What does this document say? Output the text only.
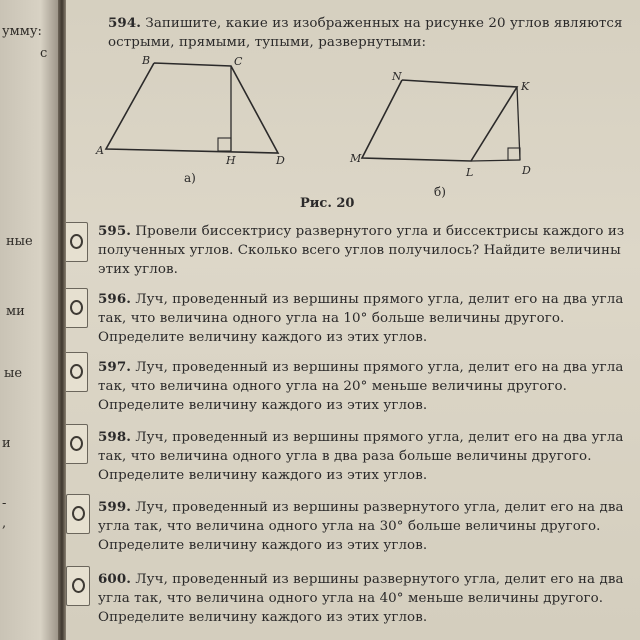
умму:
с
ные
ми
ые
и
-
,
594. Запишите, какие из изображенных на рисунке 20 углов являются острыми, прямыми, тупыми, развернутыми:
B	C
A
H	D
а)
N
K
M
L	D
б)
Рис. 20
595. Провели биссектрису развернутого угла и биссектрисы каждого из полученных углов. Сколько всего углов получилось? Найдите величины этих углов.
596. Луч, проведенный из вершины прямого угла, делит его на два угла так, что величина одного угла на 10° больше величины другого. Определите величину каждого из этих углов.
597. Луч, проведенный из вершины прямого угла, делит его на два угла так, что величина одного угла на 20° меньше величины другого. Определите величину каждого из этих углов.
598. Луч, проведенный из вершины прямого угла, делит его на два угла так, что величина одного угла в два раза больше величины другого. Определите величину каждого из этих углов.
599. Луч, проведенный из вершины развернутого угла, делит его на два угла так, что величина одного угла на 30° больше величины другого. Определите величину каждого из этих углов.
600. Луч, проведенный из вершины развернутого угла, делит его на два угла так, что величина одного угла на 40° меньше величины другого. Определите величину каждого из этих углов.
